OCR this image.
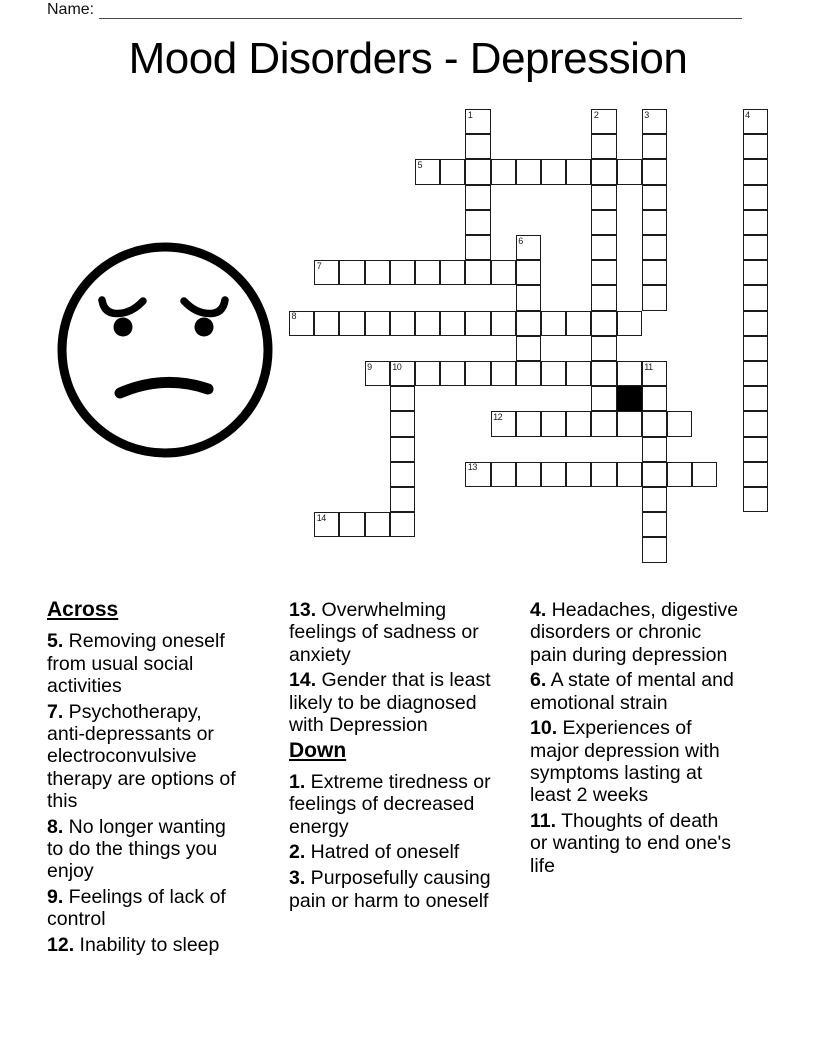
Name:
Mood Disorders - Depression
5
7
8
9 10	11
12
13
14
1	2	3	4
6
Across
5. Removing oneself from usual social activities
7. Psychotherapy, anti-depressants or electroconvulsive therapy are options of this
8. No longer wanting to do the things you enjoy
9. Feelings of lack of control
12. Inability to sleep
13. Overwhelming feelings of sadness or anxiety
14. Gender that is least likely to be diagnosed with Depression
Down
1. Extreme tiredness or feelings of decreased energy
2. Hatred of oneself
3. Purposefully causing pain or harm to oneself
4. Headaches, digestive disorders or chronic pain during depression
6. A state of mental and emotional strain
10. Experiences of major depression with symptoms lasting at least 2 weeks
11. Thoughts of death or wanting to end one's life
